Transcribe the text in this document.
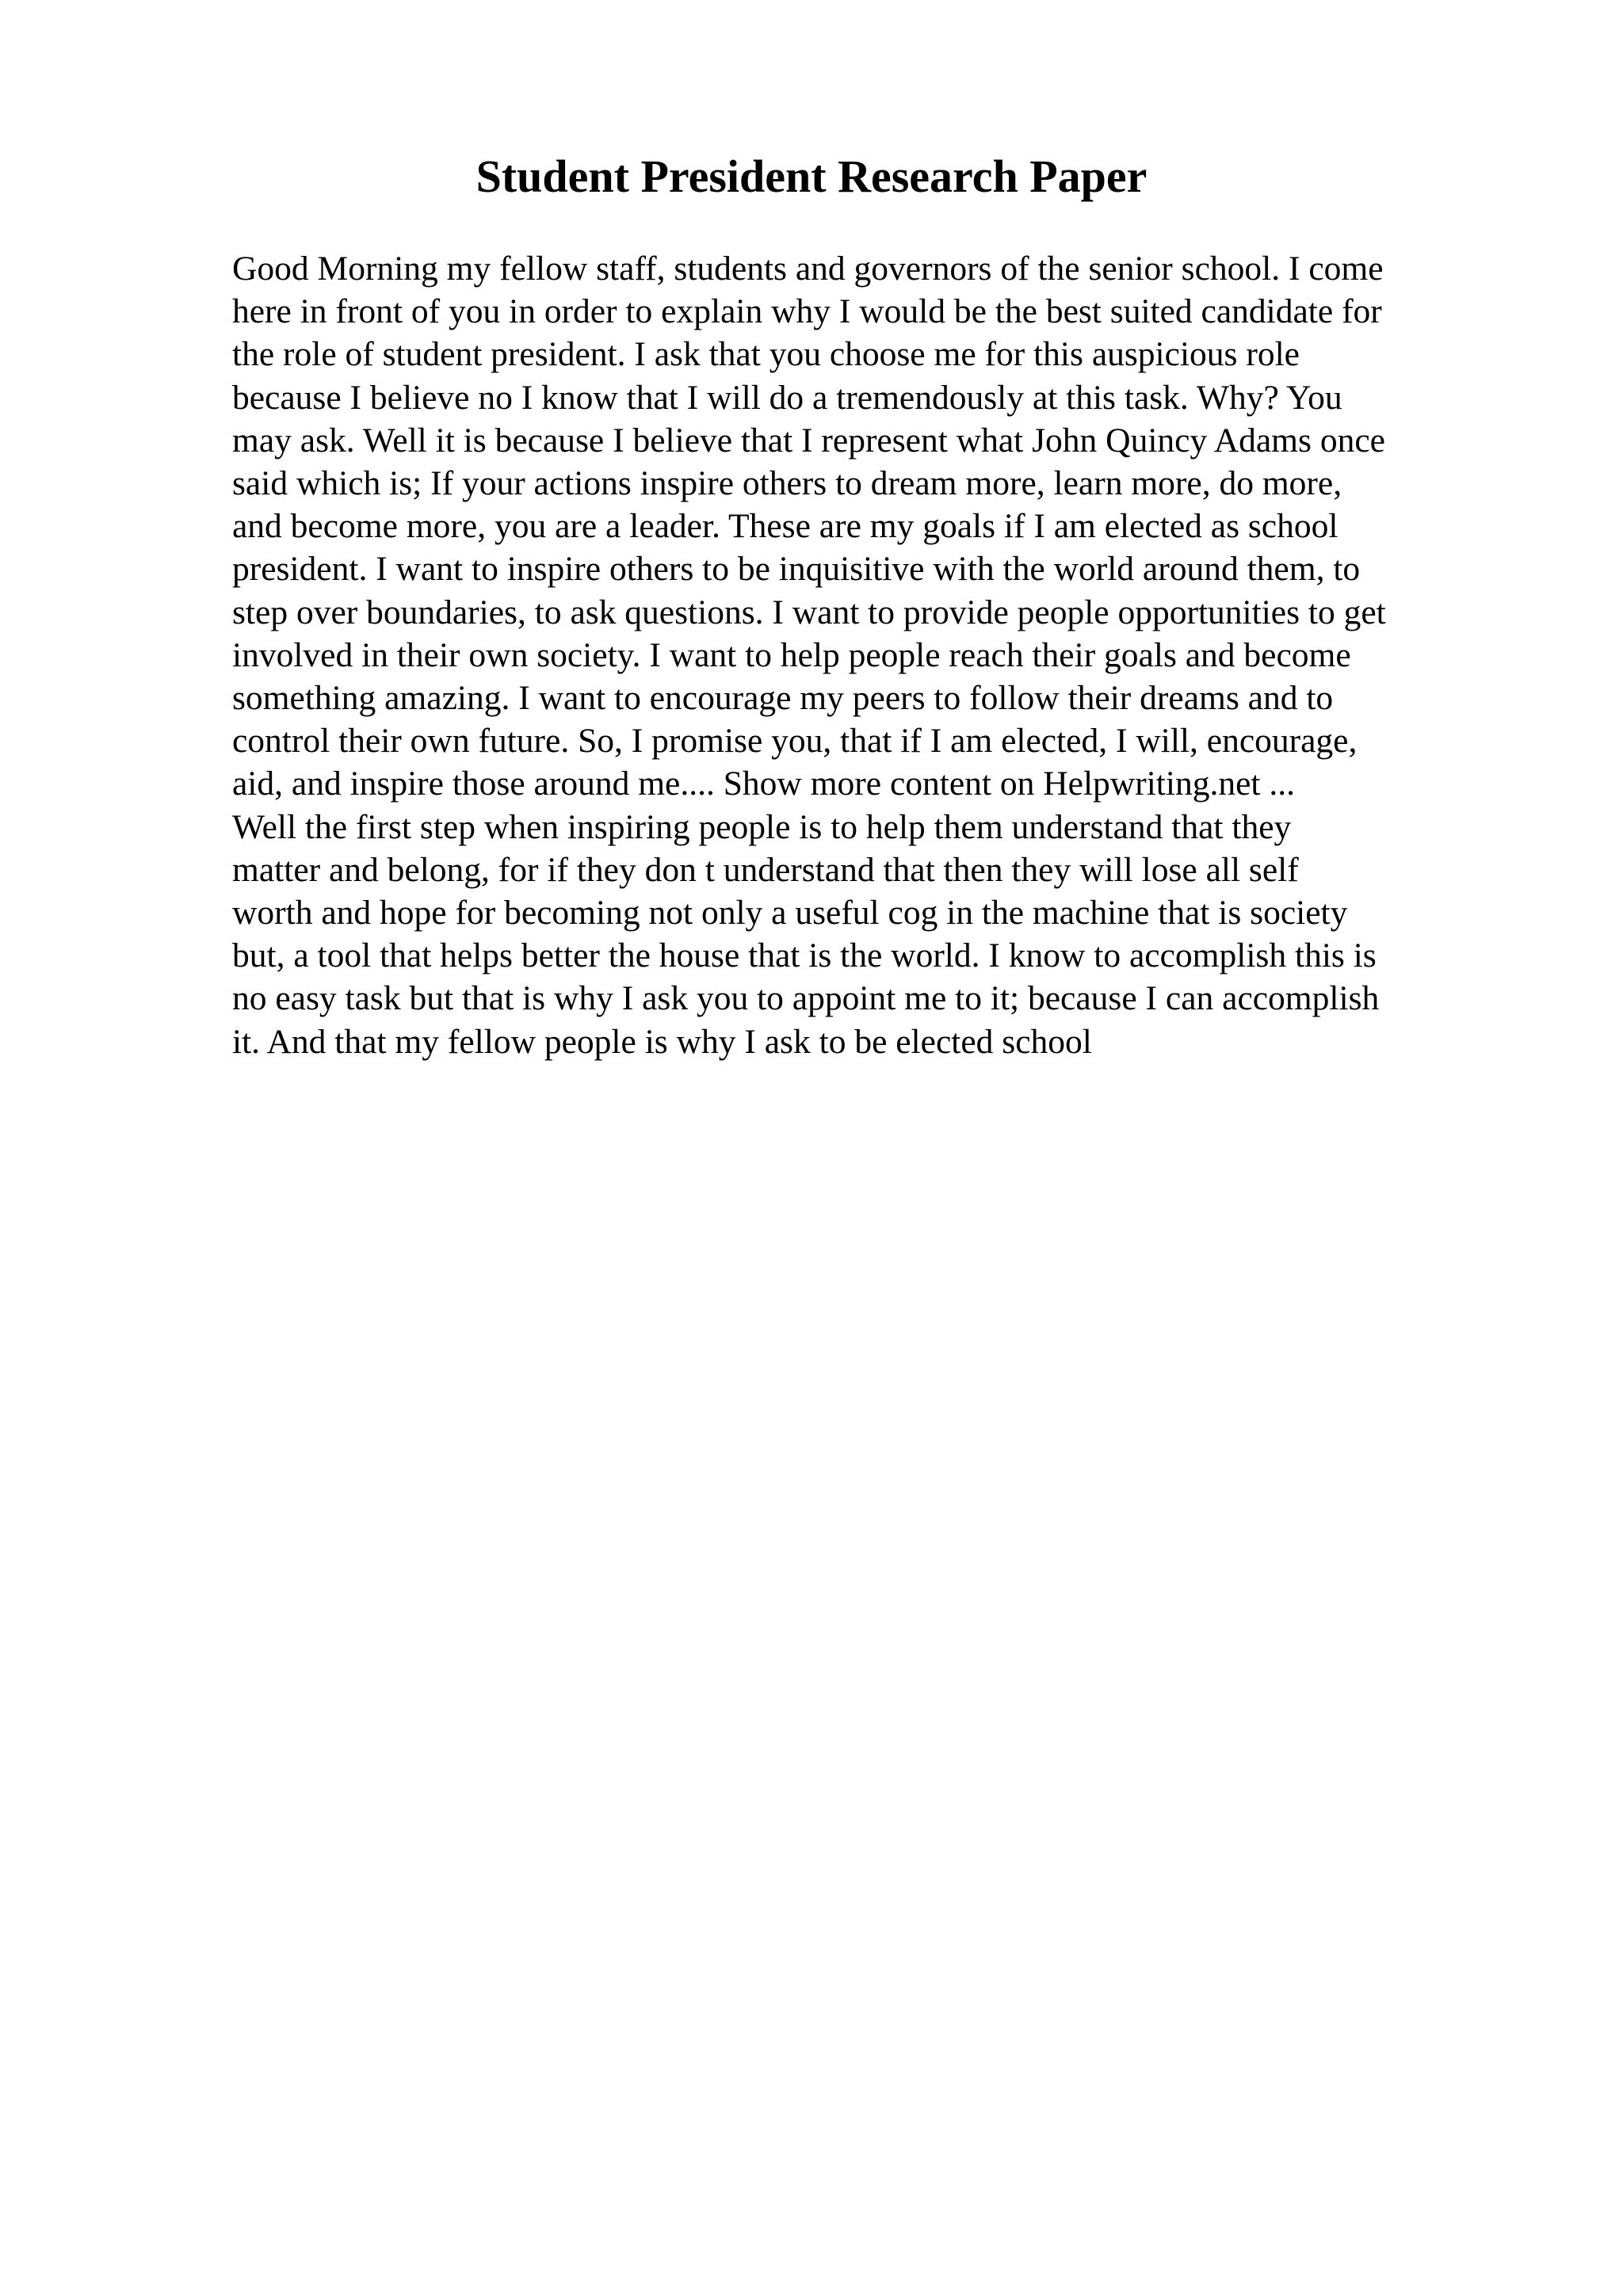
Student President Research Paper
Good Morning my fellow staff, students and governors of the senior school. I come
here in front of you in order to explain why I would be the best suited candidate for
the role of student president. I ask that you choose me for this auspicious role
because I believe no I know that I will do a tremendously at this task. Why? You
may ask. Well it is because I believe that I represent what John Quincy Adams once
said which is; If your actions inspire others to dream more, learn more, do more,
and become more, you are a leader. These are my goals if I am elected as school
president. I want to inspire others to be inquisitive with the world around them, to
step over boundaries, to ask questions. I want to provide people opportunities to get
involved in their own society. I want to help people reach their goals and become
something amazing. I want to encourage my peers to follow their dreams and to
control their own future. So, I promise you, that if I am elected, I will, encourage,
aid, and inspire those around me.... Show more content on Helpwriting.net ...
Well the first step when inspiring people is to help them understand that they
matter and belong, for if they don t understand that then they will lose all self
worth and hope for becoming not only a useful cog in the machine that is society
but, a tool that helps better the house that is the world. I know to accomplish this is
no easy task but that is why I ask you to appoint me to it; because I can accomplish
it. And that my fellow people is why I ask to be elected school
